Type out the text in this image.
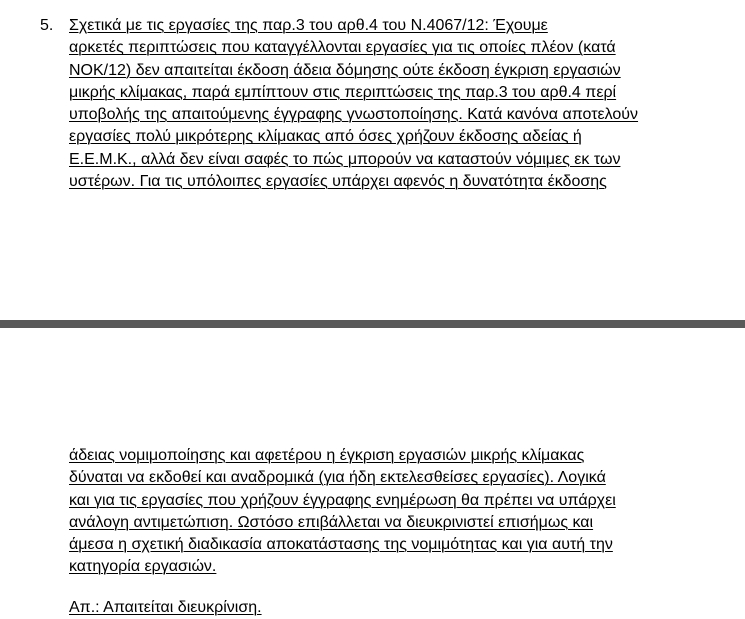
5. Σχετικά με τις εργασίες της παρ.3 του αρθ.4 του Ν.4067/12: Έχουμε
αρκετές περιπτώσεις που καταγγέλλονται εργασίες για τις οποίες πλέον (κατά
ΝΟΚ/12) δεν απαιτείται έκδοση άδεια δόμησης ούτε έκδοση έγκριση εργασιών
μικρής κλίμακας, παρά εμπίπτουν στις περιπτώσεις της παρ.3 του αρθ.4 περί
υποβολής της απαιτούμενης έγγραφης γνωστοποίησης. Κατά κανόνα αποτελούν
εργασίες πολύ μικρότερης κλίμακας από όσες χρήζουν έκδοσης αδείας ή
Ε.Ε.Μ.Κ., αλλά δεν είναι σαφές το πώς μπορούν να καταστούν νόμιμες εκ των
υστέρων. Για τις υπόλοιπες εργασίες υπάρχει αφενός η δυνατότητα έκδοσης
άδειας νομιμοποίησης και αφετέρου η έγκριση εργασιών μικρής κλίμακας
δύναται να εκδοθεί και αναδρομικά (για ήδη εκτελεσθείσες εργασίες). Λογικά
και για τις εργασίες που χρήζουν έγγραφης ενημέρωση θα πρέπει να υπάρχει
ανάλογη αντιμετώπιση. Ωστόσο επιβάλλεται να διευκρινιστεί επισήμως και
άμεσα η σχετική διαδικασία αποκατάστασης της νομιμότητας και για αυτή την
κατηγορία εργασιών.
Απ.: Απαιτείται διευκρίνιση.
